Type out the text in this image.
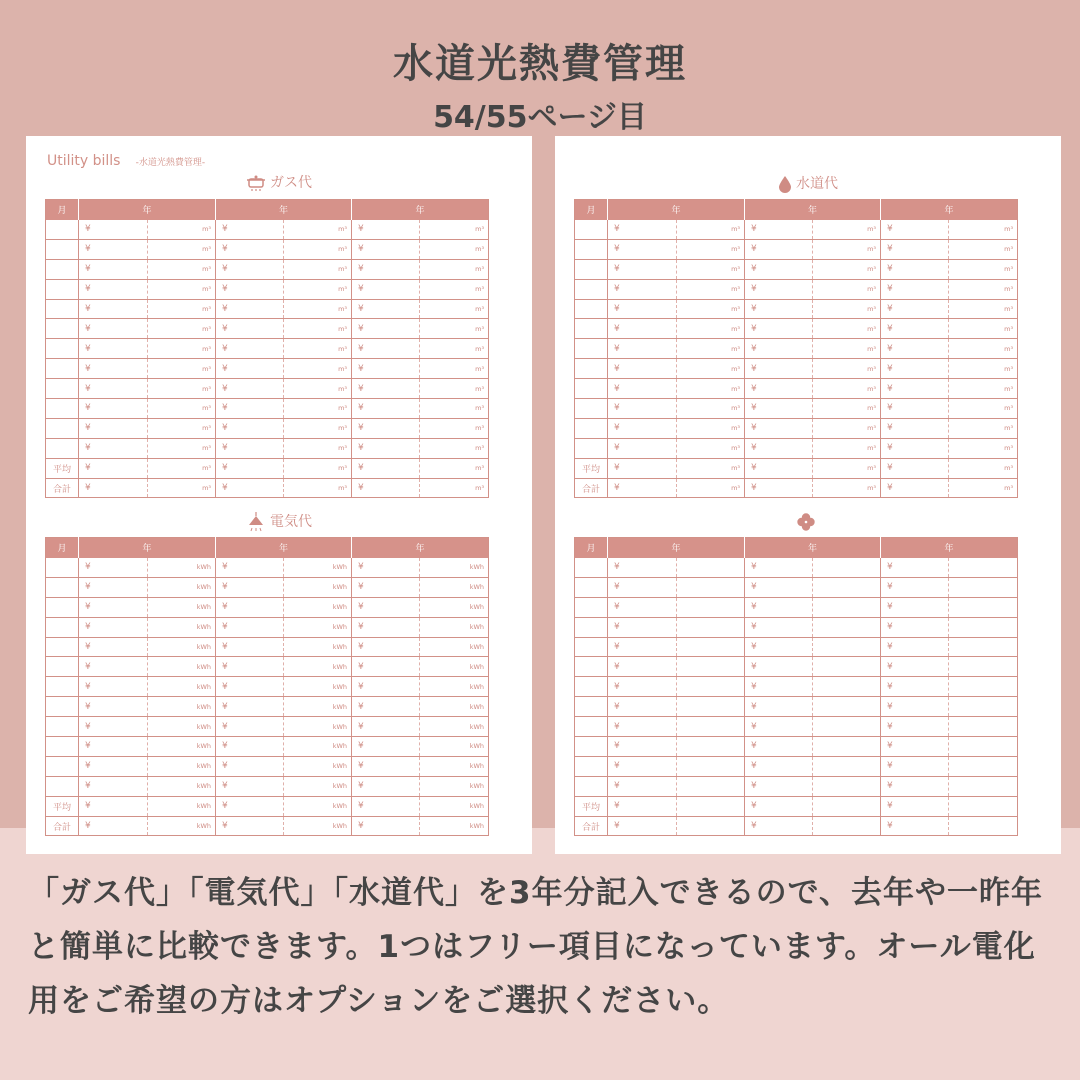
水道光熱費管理
54/55ページ目
Utility bills -水道光熱費管理-
ガス代
月	年		年		年	
	¥	m³	¥	m³	¥	m³
	¥	m³	¥	m³	¥	m³
	¥	m³	¥	m³	¥	m³
	¥	m³	¥	m³	¥	m³
	¥	m³	¥	m³	¥	m³
	¥	m³	¥	m³	¥	m³
	¥	m³	¥	m³	¥	m³
	¥	m³	¥	m³	¥	m³
	¥	m³	¥	m³	¥	m³
	¥	m³	¥	m³	¥	m³
	¥	m³	¥	m³	¥	m³
	¥	m³	¥	m³	¥	m³
平均	¥	m³	¥	m³	¥	m³
合計	¥	m³	¥	m³	¥	m³
電気代
月	年		年		年	
	¥	kWh	¥	kWh	¥	kWh
	¥	kWh	¥	kWh	¥	kWh
	¥	kWh	¥	kWh	¥	kWh
	¥	kWh	¥	kWh	¥	kWh
	¥	kWh	¥	kWh	¥	kWh
	¥	kWh	¥	kWh	¥	kWh
	¥	kWh	¥	kWh	¥	kWh
	¥	kWh	¥	kWh	¥	kWh
	¥	kWh	¥	kWh	¥	kWh
	¥	kWh	¥	kWh	¥	kWh
	¥	kWh	¥	kWh	¥	kWh
	¥	kWh	¥	kWh	¥	kWh
平均	¥	kWh	¥	kWh	¥	kWh
合計	¥	kWh	¥	kWh	¥	kWh
水道代
月	年		年		年	
	¥	m³	¥	m³	¥	m³
	¥	m³	¥	m³	¥	m³
	¥	m³	¥	m³	¥	m³
	¥	m³	¥	m³	¥	m³
	¥	m³	¥	m³	¥	m³
	¥	m³	¥	m³	¥	m³
	¥	m³	¥	m³	¥	m³
	¥	m³	¥	m³	¥	m³
	¥	m³	¥	m³	¥	m³
	¥	m³	¥	m³	¥	m³
	¥	m³	¥	m³	¥	m³
	¥	m³	¥	m³	¥	m³
平均	¥	m³	¥	m³	¥	m³
合計	¥	m³	¥	m³	¥	m³
月	年		年		年	
	¥		¥		¥	
	¥		¥		¥	
	¥		¥		¥	
	¥		¥		¥	
	¥		¥		¥	
	¥		¥		¥	
	¥		¥		¥	
	¥		¥		¥	
	¥		¥		¥	
	¥		¥		¥	
	¥		¥		¥	
	¥		¥		¥	
平均	¥		¥		¥	
合計	¥		¥		¥	
「ガス代」「電気代」「水道代」を3年分記入できるので、去年や一昨年と簡単に比較できます。1つはフリー項目になっています。オール電化用をご希望の方はオプションをご選択ください。
